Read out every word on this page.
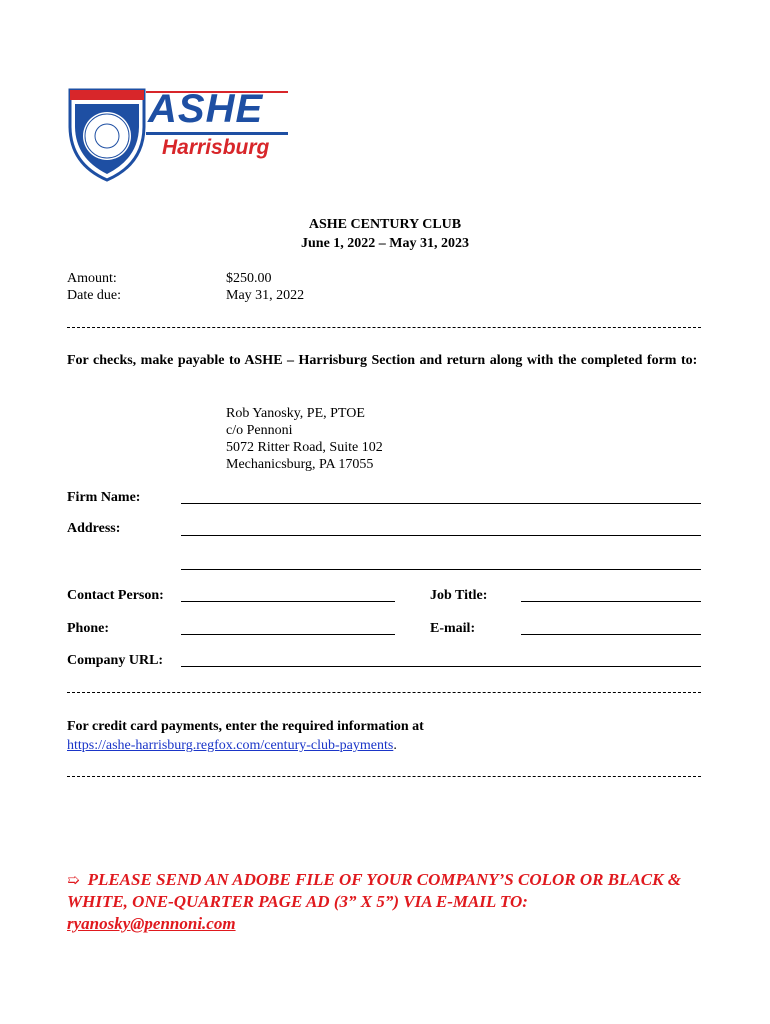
ASHE
Harrisburg
ASHE CENTURY CLUB
June 1, 2022 – May 31, 2023
Amount:	$250.00
Date due:	May 31, 2022
For checks, make payable to ASHE – Harrisburg Section and return along with the completed form to:
Rob Yanosky, PE, PTOE
c/o Pennoni
5072 Ritter Road, Suite 102
Mechanicsburg, PA 17055
Firm Name:
Address:
Contact Person:	Job Title:
Phone:	E-mail:
Company URL:
For credit card payments, enter the required information at
https://ashe-harrisburg.regfox.com/century-club-payments.
➯ PLEASE SEND AN ADOBE FILE OF YOUR COMPANY’S COLOR OR BLACK & WHITE, ONE-QUARTER PAGE AD (3” X 5”) VIA E-MAIL TO:
ryanosky@pennoni.com
